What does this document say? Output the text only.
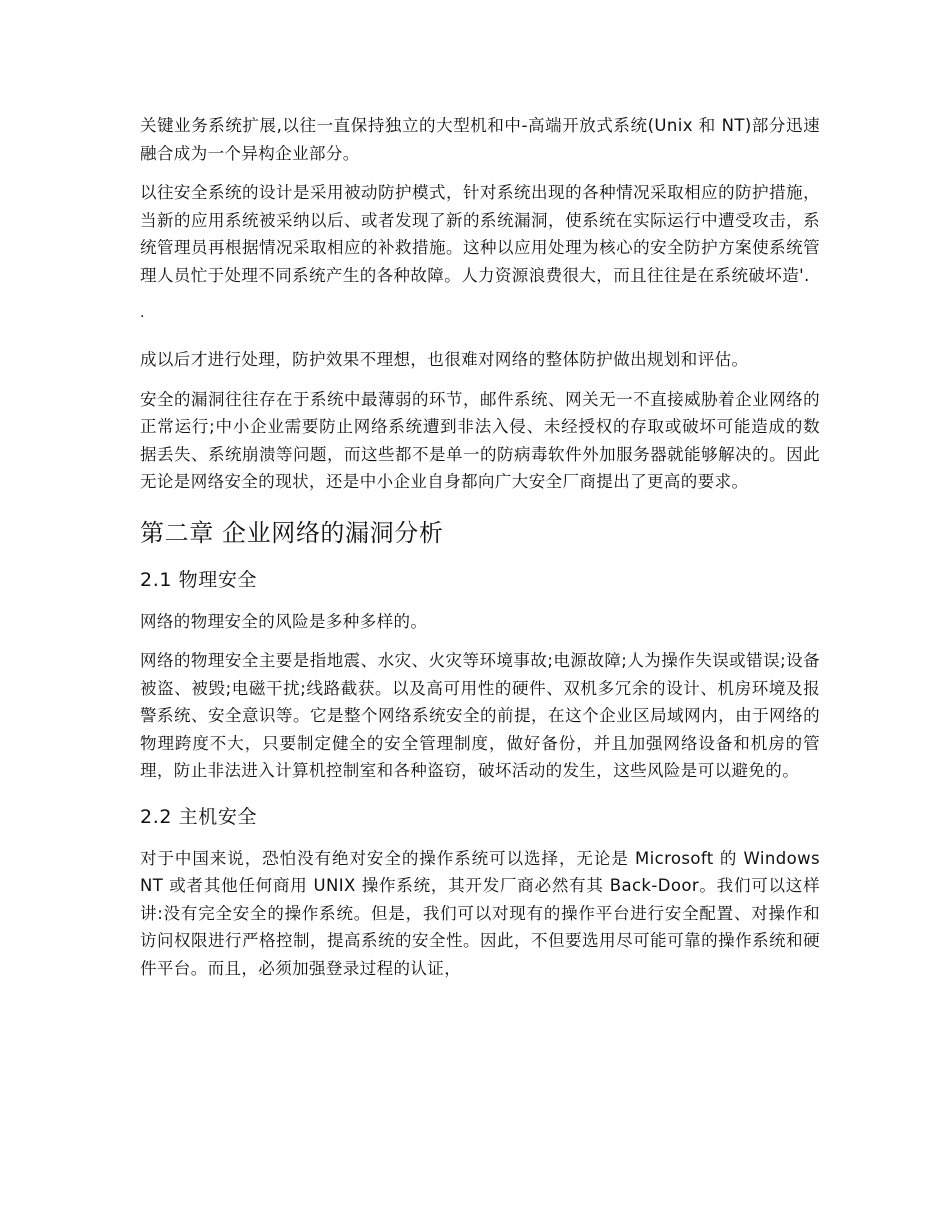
关键业务系统扩展,以往一直保持独立的大型机和中-高端开放式系统(Unix 和 NT)部分迅速融合成为一个异构企业部分。

以往安全系统的设计是采用被动防护模式，针对系统出现的各种情况采取相应的防护措施，当新的应用系统被采纳以后、或者发现了新的系统漏洞，使系统在实际运行中遭受攻击，系统管理员再根据情况采取相应的补救措施。这种以应用处理为核心的安全防护方案使系统管理人员忙于处理不同系统产生的各种故障。人力资源浪费很大，而且往往是在系统破坏造'.

.

成以后才进行处理，防护效果不理想，也很难对网络的整体防护做出规划和评估。

安全的漏洞往往存在于系统中最薄弱的环节，邮件系统、网关无一不直接威胁着企业网络的正常运行;中小企业需要防止网络系统遭到非法入侵、未经授权的存取或破坏可能造成的数据丢失、系统崩溃等问题，而这些都不是单一的防病毒软件外加服务器就能够解决的。因此无论是网络安全的现状，还是中小企业自身都向广大安全厂商提出了更高的要求。

第二章 企业网络的漏洞分析
2.1 物理安全

网络的物理安全的风险是多种多样的。

网络的物理安全主要是指地震、水灾、火灾等环境事故;电源故障;人为操作失误或错误;设备被盗、被毁;电磁干扰;线路截获。以及高可用性的硬件、双机多冗余的设计、机房环境及报警系统、安全意识等。它是整个网络系统安全的前提，在这个企业区局域网内，由于网络的物理跨度不大，只要制定健全的安全管理制度，做好备份，并且加强网络设备和机房的管理，防止非法进入计算机控制室和各种盗窃，破坏活动的发生，这些风险是可以避免的。

2.2 主机安全

对于中国来说，恐怕没有绝对安全的操作系统可以选择，无论是 Microsoft 的 Windows NT 或者其他任何商用 UNIX 操作系统，其开发厂商必然有其 Back-Door。我们可以这样讲:没有完全安全的操作系统。但是，我们可以对现有的操作平台进行安全配置、对操作和访问权限进行严格控制，提高系统的安全性。因此，不但要选用尽可能可靠的操作系统和硬件平台。而且，必须加强登录过程的认证，
